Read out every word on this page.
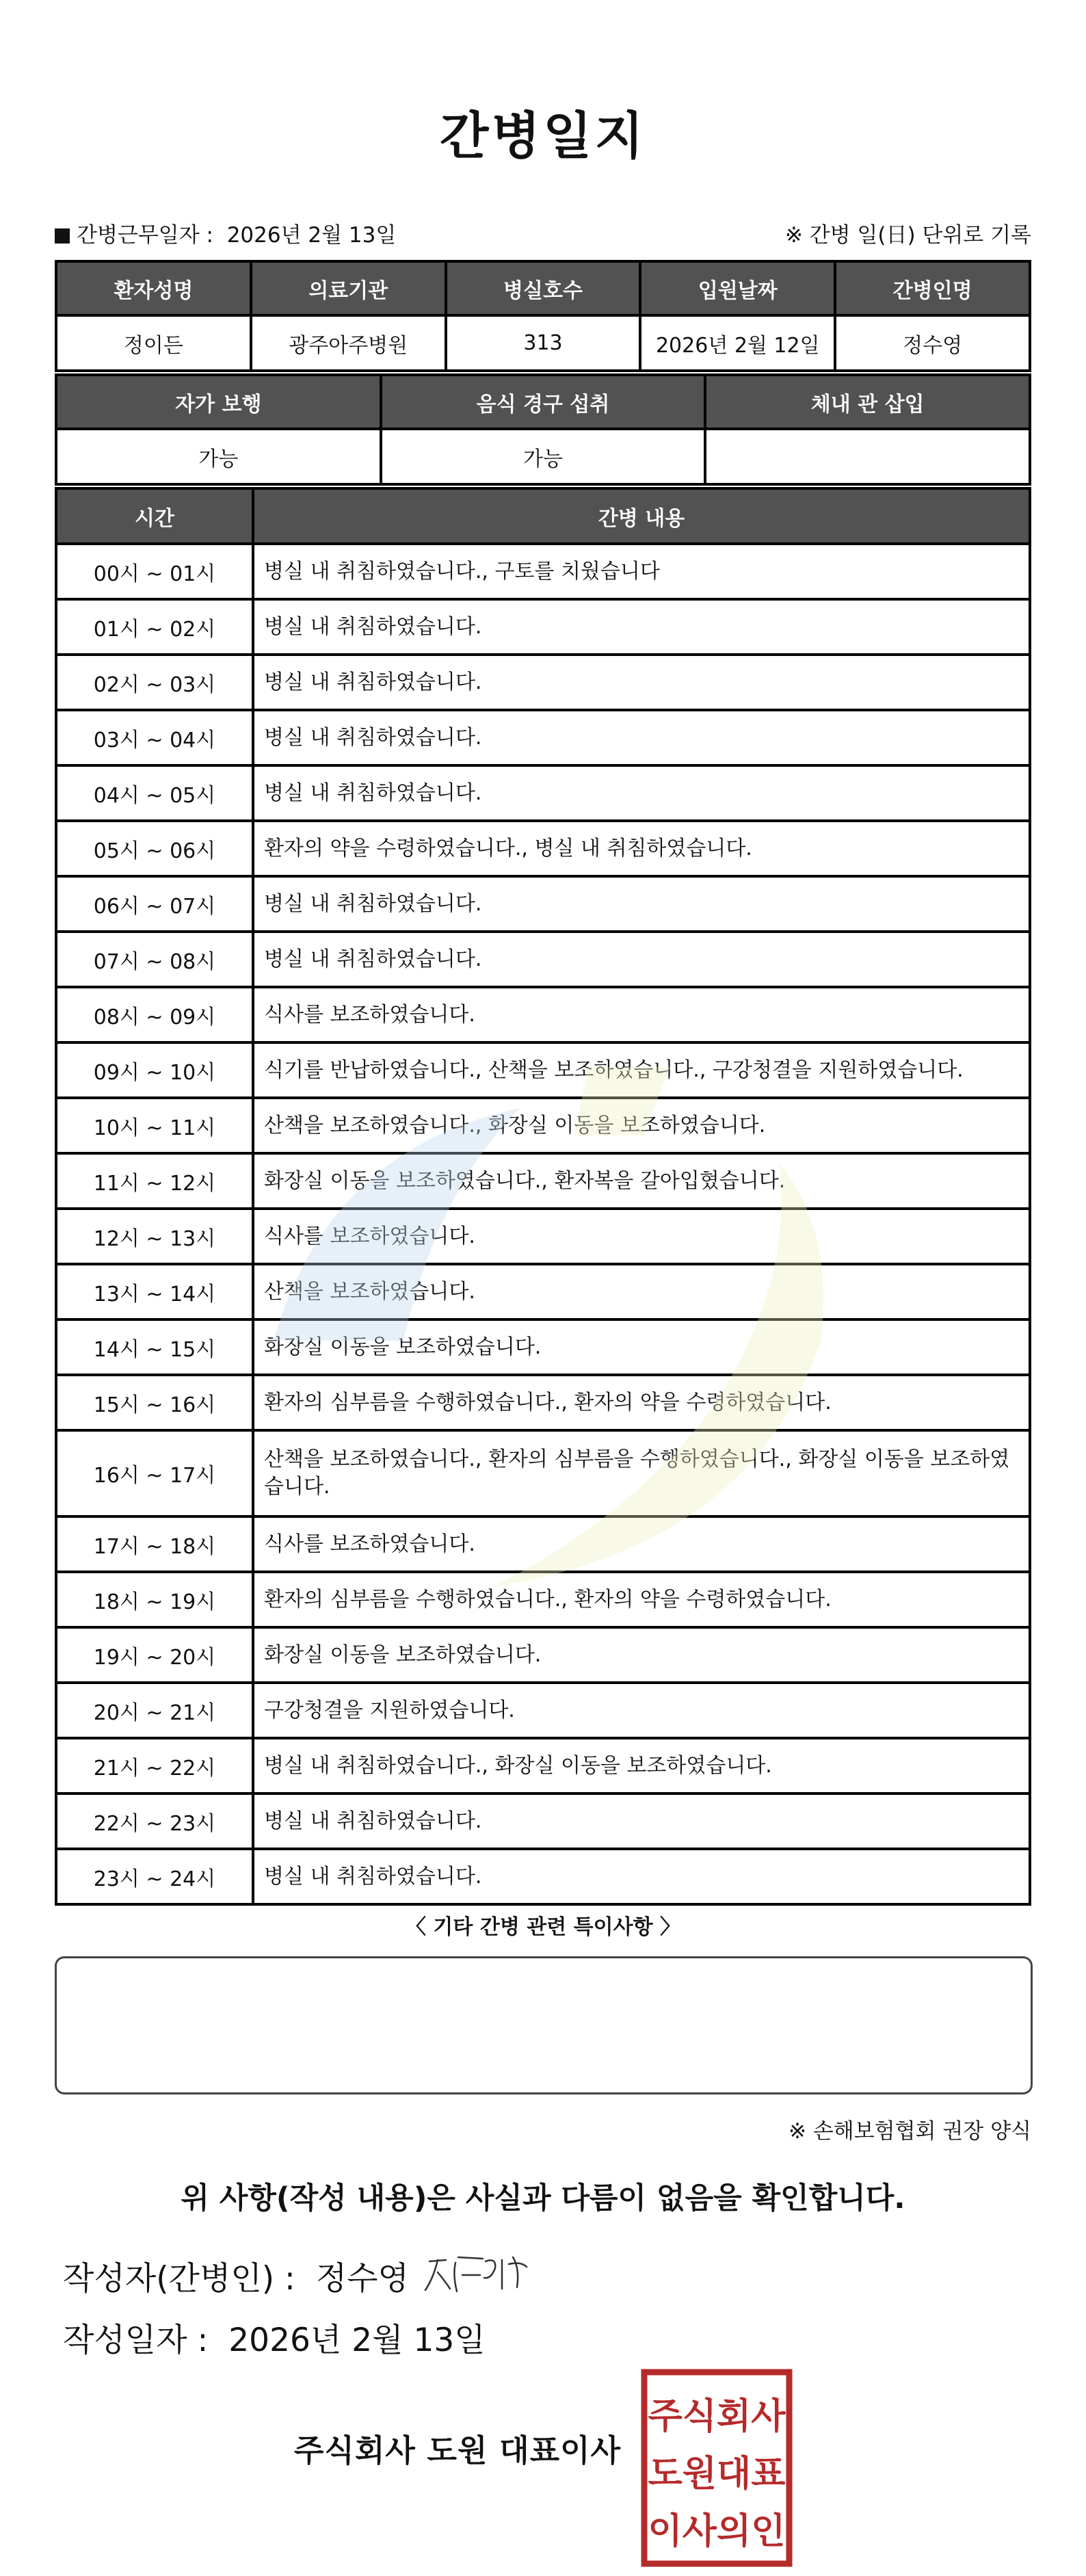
간병일지
간병근무일자 : 2026년 2월 13일	※ 간병 일(日) 단위로 기록
환자성명	의료기관	병실호수	입원날짜	간병인명
정이든	광주아주병원	313	2026년 2월 12일	정수영
자가 보행	음식 경구 섭취	체내 관 삽입
가능	가능	
시간	간병 내용
00시 ~ 01시	병실 내 취침하였습니다., 구토를 치웠습니다
01시 ~ 02시	병실 내 취침하였습니다.
02시 ~ 03시	병실 내 취침하였습니다.
03시 ~ 04시	병실 내 취침하였습니다.
04시 ~ 05시	병실 내 취침하였습니다.
05시 ~ 06시	환자의 약을 수령하였습니다., 병실 내 취침하였습니다.
06시 ~ 07시	병실 내 취침하였습니다.
07시 ~ 08시	병실 내 취침하였습니다.
08시 ~ 09시	식사를 보조하였습니다.
09시 ~ 10시	식기를 반납하였습니다., 산책을 보조하였습니다., 구강청결을 지원하였습니다.
10시 ~ 11시	산책을 보조하였습니다., 화장실 이동을 보조하였습니다.
11시 ~ 12시	화장실 이동을 보조하였습니다., 환자복을 갈아입혔습니다.
12시 ~ 13시	식사를 보조하였습니다.
13시 ~ 14시	산책을 보조하였습니다.
14시 ~ 15시	화장실 이동을 보조하였습니다.
15시 ~ 16시	환자의 심부름을 수행하였습니다., 환자의 약을 수령하였습니다.
16시 ~ 17시	산책을 보조하였습니다., 환자의 심부름을 수행하였습니다., 화장실 이동을 보조하였습니다.
17시 ~ 18시	식사를 보조하였습니다.
18시 ~ 19시	환자의 심부름을 수행하였습니다., 환자의 약을 수령하였습니다.
19시 ~ 20시	화장실 이동을 보조하였습니다.
20시 ~ 21시	구강청결을 지원하였습니다.
21시 ~ 22시	병실 내 취침하였습니다., 화장실 이동을 보조하였습니다.
22시 ~ 23시	병실 내 취침하였습니다.
23시 ~ 24시	병실 내 취침하였습니다.
〈 기타 간병 관련 특이사항 〉
※ 손해보험협회 권장 양식
위 사항(작성 내용)은 사실과 다름이 없음을 확인합니다.
작성자(간병인) : 정수영
작성일자 : 2026년 2월 13일
주식회사 도원 대표이사
주식회사
도원대표
이사의인
